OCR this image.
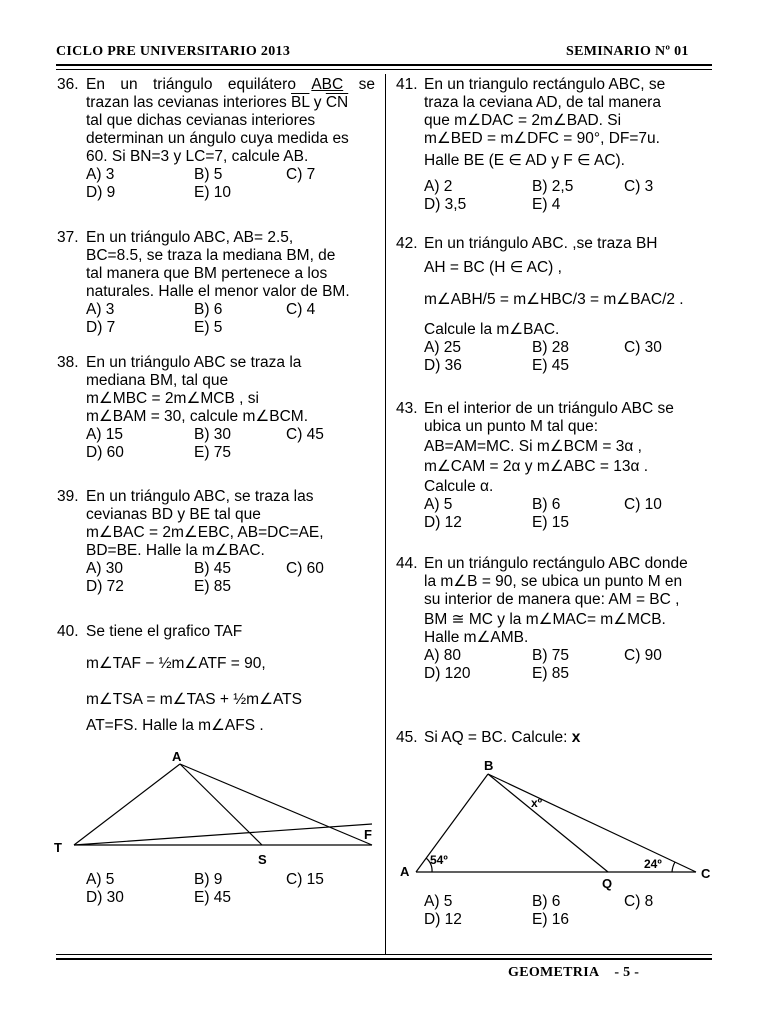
CICLO PRE UNIVERSITARIO 2013	SEMINARIO Nº 01
36. En un triángulo equilátero ABC se
trazan las cevianas interiores $\overline{BL}$ y $\overline{CN}$
tal que dichas cevianas interiores
determinan un ángulo cuya medida es
60. Si BN=3 y LC=7, calcule AB.
A) 3	B) 5	C) 7
D) 9	E) 10
37. En un triángulo ABC, AB= 2.5,
BC=8.5, se traza la mediana BM, de
tal manera que BM pertenece a los
naturales. Halle el menor valor de BM.
A) 3	B) 6	C) 4
D) 7	E) 5
38. En un triángulo ABC se traza la
mediana BM, tal que
m∠MBC = 2m∠MCB , si
m∠BAM = 30, calcule m∠BCM.
A) 15	B) 30	C) 45
D) 60	E) 75
39. En un triángulo ABC, se traza las
cevianas BD y BE tal que
m∠BAC = 2m∠EBC, AB=DC=AE,
BD=BE. Halle la m∠BAC.
A) 30	B) 45	C) 60
D) 72	E) 85
40. Se tiene el grafico TAF
m∠TAF − ½m∠ATF = 90,
m∠TSA = m∠TAS + ½m∠ATS
AT=FS. Halle la m∠AFS .
A
T
S
F
A) 5	B) 9	C) 15
D) 30	E) 45
41. En un triangulo rectángulo ABC, se
traza la ceviana AD, de tal manera
que m∠DAC = 2m∠BAD. Si
m∠BED = m∠DFC = 90°, DF=7u.
Halle BE (E ∈ AD y F ∈ AC).
A) 2	B) 2,5	C) 3
D) 3,5	E) 4
42. En un triángulo ABC. ,se traza BH
AH = BC (H ∈ AC) ,
m∠ABH/5 = m∠HBC/3 = m∠BAC/2 .
Calcule la m∠BAC.
A) 25	B) 28	C) 30
D) 36	E) 45
43. En el interior de un triángulo ABC se
ubica un punto M tal que:
AB=AM=MC. Si m∠BCM = 3α ,
m∠CAM = 2α y m∠ABC = 13α .
Calcule α.
A) 5	B) 6	C) 10
D) 12	E) 15
44. En un triángulo rectángulo ABC donde
la m∠B = 90, se ubica un punto M en
su interior de manera que: AM = BC ,
BM ≅ MC y la m∠MAC= m∠MCB.
Halle m∠AMB.
A) 80	B) 75	C) 90
D) 120	E) 85
45. Si AQ = BC. Calcule: x
B
A
Q
C
xº
54º	24º
A) 5	B) 6	C) 8
D) 12	E) 16
GEOMETRIA - 5 -
